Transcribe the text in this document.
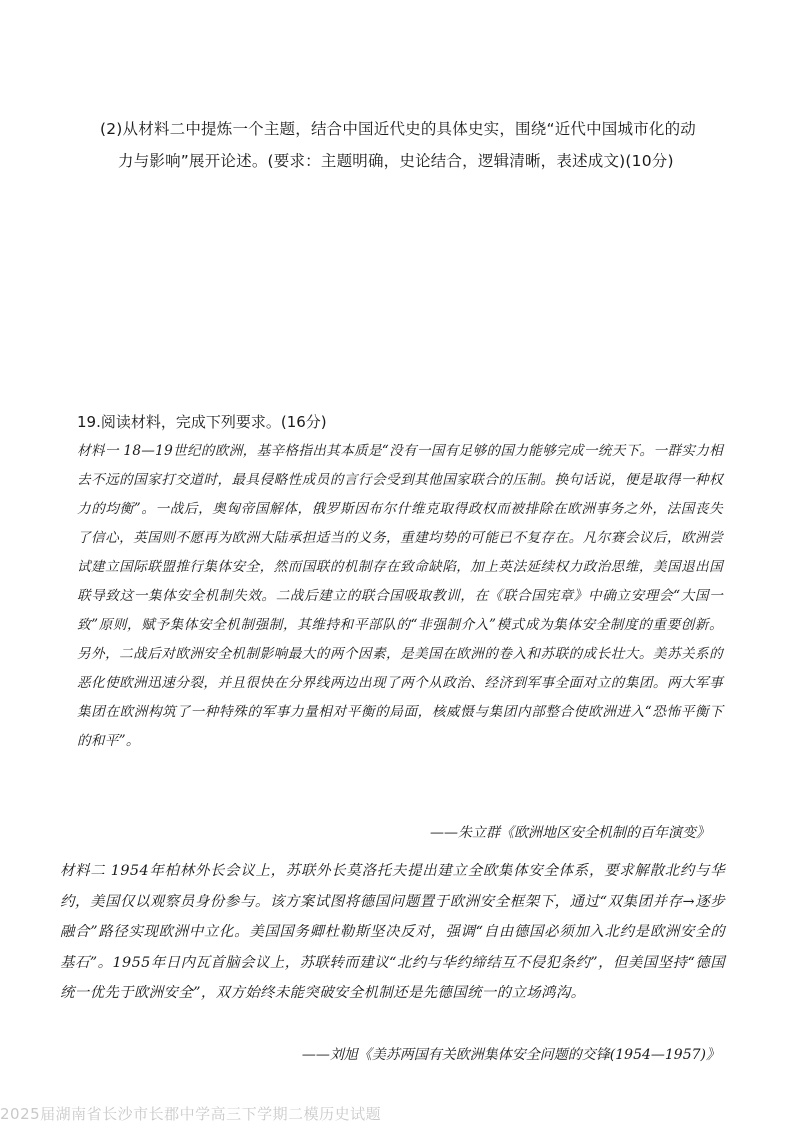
(2)从材料二中提炼一个主题，结合中国近代史的具体史实，围绕“近代中国城市化的动
力与影响”展开论述。(要求：主题明确，史论结合，逻辑清晰，表述成文)(10分)
19.阅读材料，完成下列要求。(16分)
材料一 18—19世纪的欧洲，基辛格指出其本质是“没有一国有足够的国力能够完成一统天下。一群实力相去不远的国家打交道时，最具侵略性成员的言行会受到其他国家联合的压制。换句话说，便是取得一种权力的均衡”。一战后，奥匈帝国解体，俄罗斯因布尔什维克取得政权而被排除在欧洲事务之外，法国丧失了信心，英国则不愿再为欧洲大陆承担适当的义务，重建均势的可能已不复存在。凡尔赛会议后，欧洲尝试建立国际联盟推行集体安全，然而国联的机制存在致命缺陷，加上英法延续权力政治思维，美国退出国联导致这一集体安全机制失效。二战后建立的联合国吸取教训，在《联合国宪章》中确立安理会“大国一致”原则，赋予集体安全机制强制，其维持和平部队的“非强制介入”模式成为集体安全制度的重要创新。另外，二战后对欧洲安全机制影响最大的两个因素，是美国在欧洲的卷入和苏联的成长壮大。美苏关系的恶化使欧洲迅速分裂，并且很快在分界线两边出现了两个从政治、经济到军事全面对立的集团。两大军事集团在欧洲构筑了一种特殊的军事力量相对平衡的局面，核威慑与集团内部整合使欧洲进入“恐怖平衡下的和平”。
——朱立群《欧洲地区安全机制的百年演变》
材料二 1954年柏林外长会议上，苏联外长莫洛托夫提出建立全欧集体安全体系，要求解散北约与华约，美国仅以观察员身份参与。该方案试图将德国问题置于欧洲安全框架下，通过“双集团并存→逐步融合”路径实现欧洲中立化。美国国务卿杜勒斯坚决反对，强调“自由德国必须加入北约是欧洲安全的基石”。1955年日内瓦首脑会议上，苏联转而建议“北约与华约缔结互不侵犯条约”，但美国坚持“德国统一优先于欧洲安全”，双方始终未能突破安全机制还是先德国统一的立场鸿沟。
——刘旭《美苏两国有关欧洲集体安全问题的交锋(1954—1957)》
2025届湖南省长沙市长郡中学高三下学期二模历史试题
